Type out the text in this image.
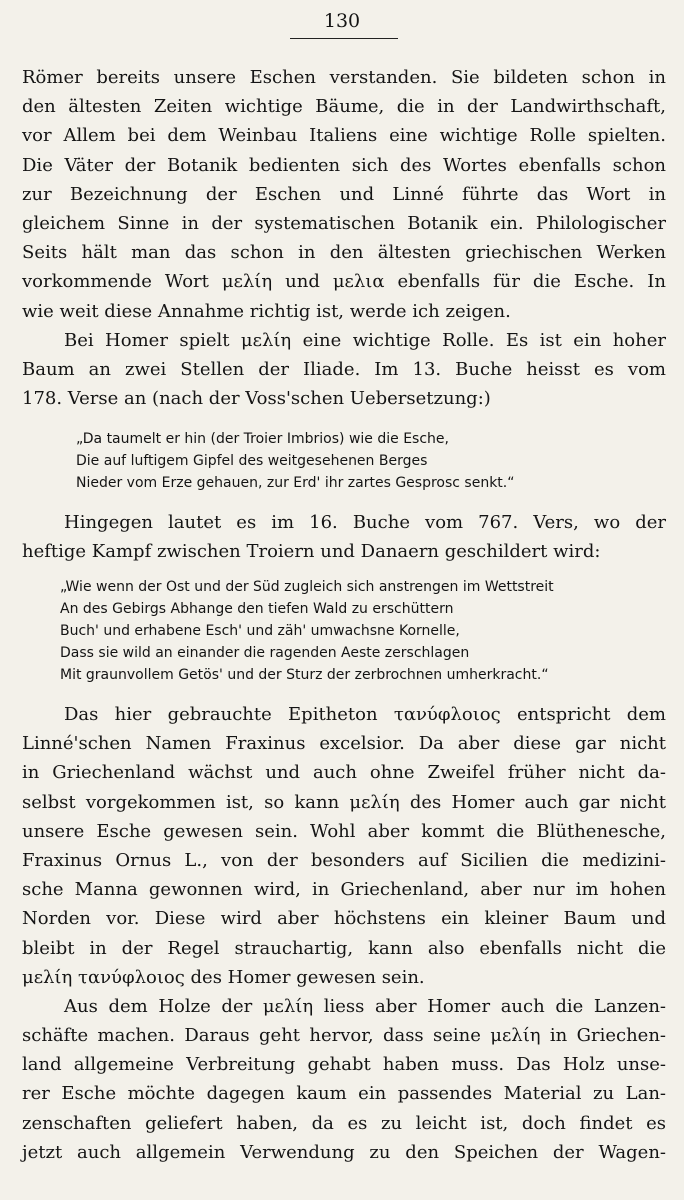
130
Römer bereits unsere Eschen verstanden. Sie bildeten schon in
den ältesten Zeiten wichtige Bäume, die in der Landwirthschaft,
vor Allem bei dem Weinbau Italiens eine wichtige Rolle spielten.
Die Väter der Botanik bedienten sich des Wortes ebenfalls schon
zur Bezeichnung der Eschen und Linné führte das Wort in
gleichem Sinne in der systematischen Botanik ein. Philologischer
Seits hält man das schon in den ältesten griechischen Werken
vorkommende Wort μελίη und μελια ebenfalls für die Esche. In
wie weit diese Annahme richtig ist, werde ich zeigen.
Bei Homer spielt μελίη eine wichtige Rolle. Es ist ein hoher
Baum an zwei Stellen der Iliade. Im 13. Buche heisst es vom
178. Verse an (nach der Voss'schen Uebersetzung:)
„Da taumelt er hin (der Troier Imbrios) wie die Esche,
Die auf luftigem Gipfel des weitgesehenen Berges
Nieder vom Erze gehauen, zur Erd' ihr zartes Gesprosс senkt.“
Hingegen lautet es im 16. Buche vom 767. Vers, wo der
heftige Kampf zwischen Troiern und Danaern geschildert wird:
„Wie wenn der Ost und der Süd zugleich sich anstrengen im Wettstreit
An des Gebirgs Abhange den tiefen Wald zu erschüttern
Buch' und erhabene Esch' und zäh' umwachsne Kornelle,
Dass sie wild an einander die ragenden Aeste zerschlagen
Mit graunvollem Getös' und der Sturz der zerbrochnen umherkracht.“
Das hier gebrauchte Epitheton τανύφλοιος entspricht dem
Linné'schen Namen Fraxinus excelsior. Da aber diese gar nicht
in Griechenland wächst und auch ohne Zweifel früher nicht da-
selbst vorgekommen ist, so kann μελίη des Homer auch gar nicht
unsere Esche gewesen sein. Wohl aber kommt die Blüthenesche,
Fraxinus Ornus L., von der besonders auf Sicilien die medizini-
sche Manna gewonnen wird, in Griechenland, aber nur im hohen
Norden vor. Diese wird aber höchstens ein kleiner Baum und
bleibt in der Regel strauchartig, kann also ebenfalls nicht die
μελίη τανύφλοιος des Homer gewesen sein.
Aus dem Holze der μελίη liess aber Homer auch die Lanzen-
schäfte machen. Daraus geht hervor, dass seine μελίη in Griechen-
land allgemeine Verbreitung gehabt haben muss. Das Holz unse-
rer Esche möchte dagegen kaum ein passendes Material zu Lan-
zenschaften geliefert haben, da es zu leicht ist, doch findet es
jetzt auch allgemein Verwendung zu den Speichen der Wagen-
